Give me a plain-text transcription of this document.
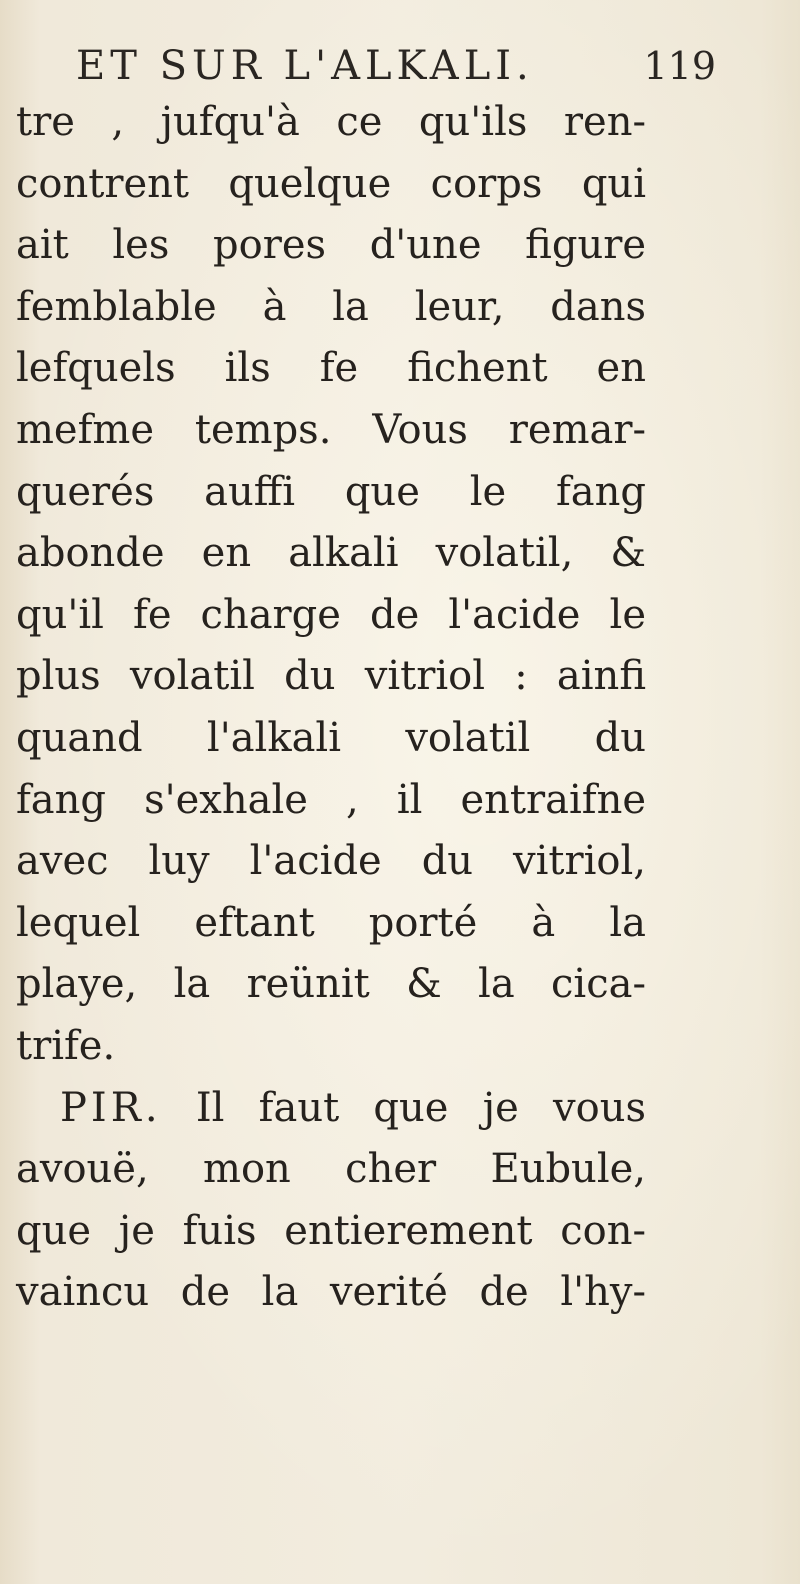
ET SUR L'ALKALI.	119
tre , jufqu'à ce qu'ils ren-
contrent quelque corps qui
ait les pores d'une figure
femblable à la leur, dans
lefquels ils fe fichent en
mefme temps. Vous remar-
querés auffi que le fang
abonde en alkali volatil, &
qu'il fe charge de l'acide le
plus volatil du vitriol : ainfi
quand l'alkali volatil du
fang s'exhale , il entraifne
avec luy l'acide du vitriol,
lequel eftant porté à la
playe, la reünit & la cica-
trife.
PIR. Il faut que je vous
avouë, mon cher Eubule,
que je fuis entierement con-
vaincu de la verité de l'hy-
